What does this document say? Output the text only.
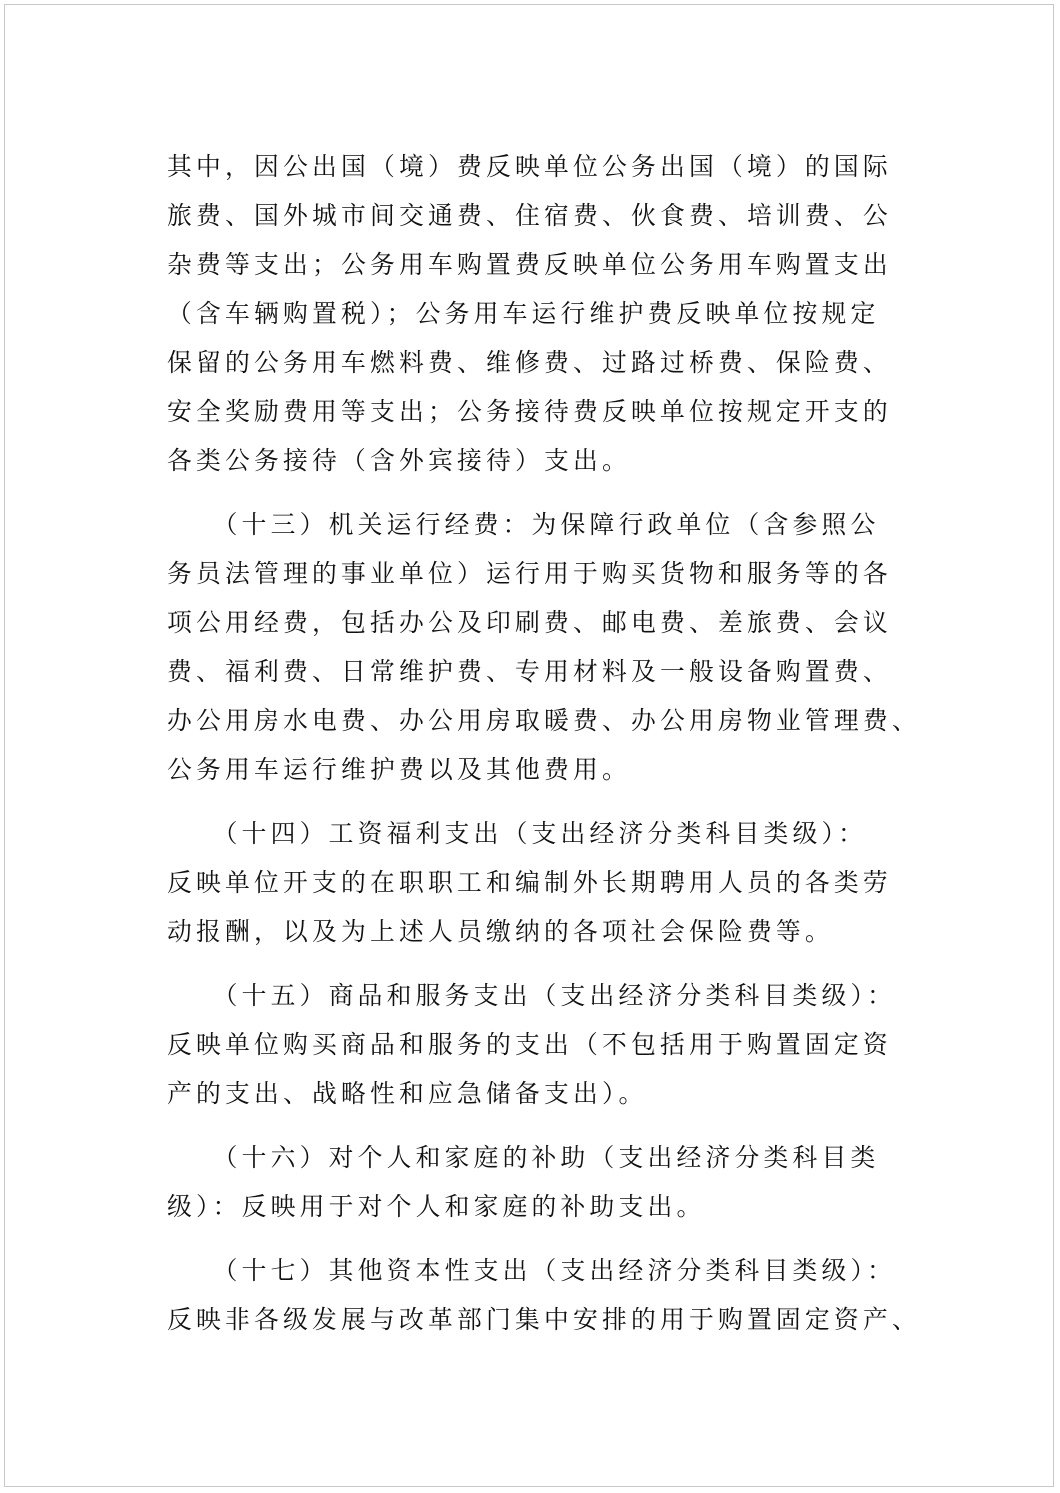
其中，因公出国（境）费反映单位公务出国（境）的国际
旅费、国外城市间交通费、住宿费、伙食费、培训费、公
杂费等支出；公务用车购置费反映单位公务用车购置支出
（含车辆购置税）；公务用车运行维护费反映单位按规定
保留的公务用车燃料费、维修费、过路过桥费、保险费、
安全奖励费用等支出；公务接待费反映单位按规定开支的
各类公务接待（含外宾接待）支出。
　　（十三）机关运行经费：为保障行政单位（含参照公
务员法管理的事业单位）运行用于购买货物和服务等的各
项公用经费，包括办公及印刷费、邮电费、差旅费、会议
费、福利费、日常维护费、专用材料及一般设备购置费、
办公用房水电费、办公用房取暖费、办公用房物业管理费、
公务用车运行维护费以及其他费用。
　　（十四）工资福利支出（支出经济分类科目类级）：
反映单位开支的在职职工和编制外长期聘用人员的各类劳
动报酬，以及为上述人员缴纳的各项社会保险费等。
　　（十五）商品和服务支出（支出经济分类科目类级）：
反映单位购买商品和服务的支出（不包括用于购置固定资
产的支出、战略性和应急储备支出）。
　　（十六）对个人和家庭的补助（支出经济分类科目类
级）：反映用于对个人和家庭的补助支出。
　　（十七）其他资本性支出（支出经济分类科目类级）：
反映非各级发展与改革部门集中安排的用于购置固定资产、
